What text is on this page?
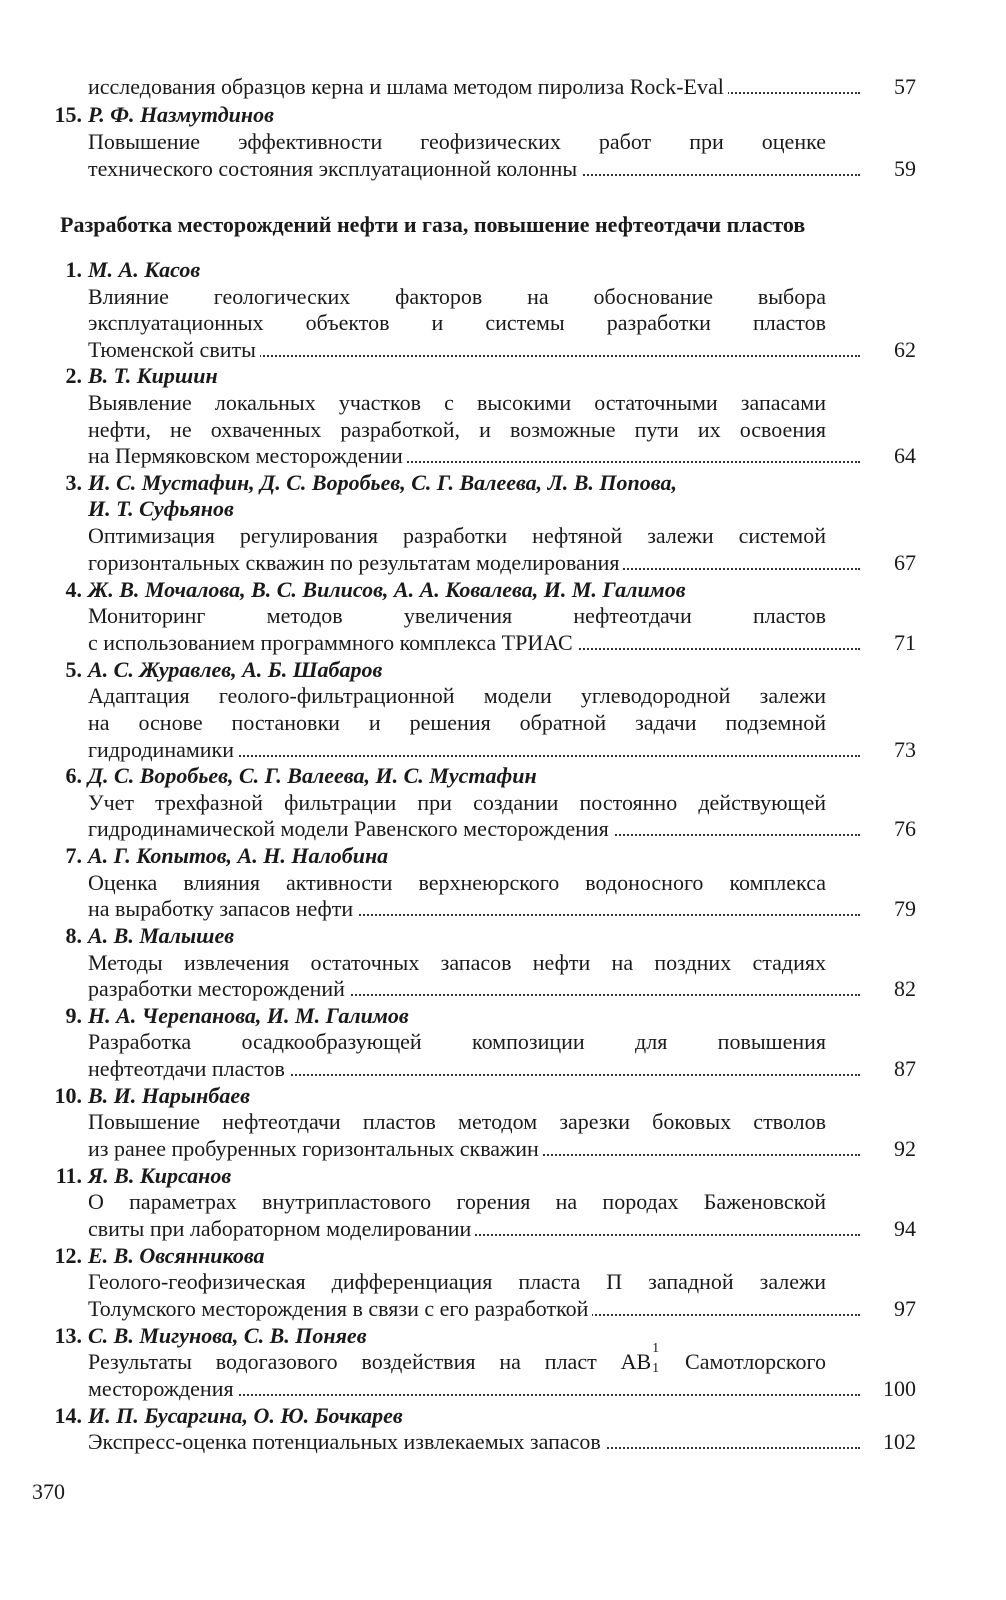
исследования образцов керна и шлама методом пиролиза Rock-Eval	57
15. Р. Ф. Назмутдинов
Повышение эффективности геофизических работ при оценке
технического состояния эксплуатационной колонны	59
Разработка месторождений нефти и газа, повышение нефтеотдачи пластов
1. М. А. Касов
Влияние геологических факторов на обоснование выбора
эксплуатационных объектов и системы разработки пластов
Тюменской свиты	62
2. В. Т. Киршин
Выявление локальных участков с высокими остаточными запасами
нефти, не охваченных разработкой, и возможные пути их освоения
на Пермяковском месторождении	64
3. И. С. Мустафин, Д. С. Воробьев, С. Г. Валеева, Л. В. Попова,
И. Т. Суфьянов
Оптимизация регулирования разработки нефтяной залежи системой
горизонтальных скважин по результатам моделирования	67
4. Ж. В. Мочалова, В. С. Вилисов, А. А. Ковалева, И. М. Галимов
Мониторинг методов увеличения нефтеотдачи пластов
с использованием программного комплекса ТРИАС	71
5. А. С. Журавлев, А. Б. Шабаров
Адаптация геолого-фильтрационной модели углеводородной залежи
на основе постановки и решения обратной задачи подземной
гидродинамики	73
6. Д. С. Воробьев, С. Г. Валеева, И. С. Мустафин
Учет трехфазной фильтрации при создании постоянно действующей
гидродинамической модели Равенского месторождения	76
7. А. Г. Копытов, А. Н. Налобина
Оценка влияния активности верхнеюрского водоносного комплекса
на выработку запасов нефти	79
8. А. В. Малышев
Методы извлечения остаточных запасов нефти на поздних стадиях
разработки месторождений	82
9. Н. А. Черепанова, И. М. Галимов
Разработка осадкообразующей композиции для повышения
нефтеотдачи пластов	87
10. В. И. Нарынбаев
Повышение нефтеотдачи пластов методом зарезки боковых стволов
из ранее пробуренных горизонтальных скважин	92
11. Я. В. Кирсанов
О параметрах внутрипластового горения на породах Баженовской
свиты при лабораторном моделировании	94
12. Е. В. Овсянникова
Геолого-геофизическая дифференциация пласта П западной залежи
Толумского месторождения в связи с его разработкой	97
13. С. В. Мигунова, С. В. Поняев
Результаты водогазового воздействия на пласт АВ
1
1 Самотлорского
месторождения	100
14. И. П. Бусаргина, О. Ю. Бочкарев
Экспресс-оценка потенциальных извлекаемых запасов	102
370
